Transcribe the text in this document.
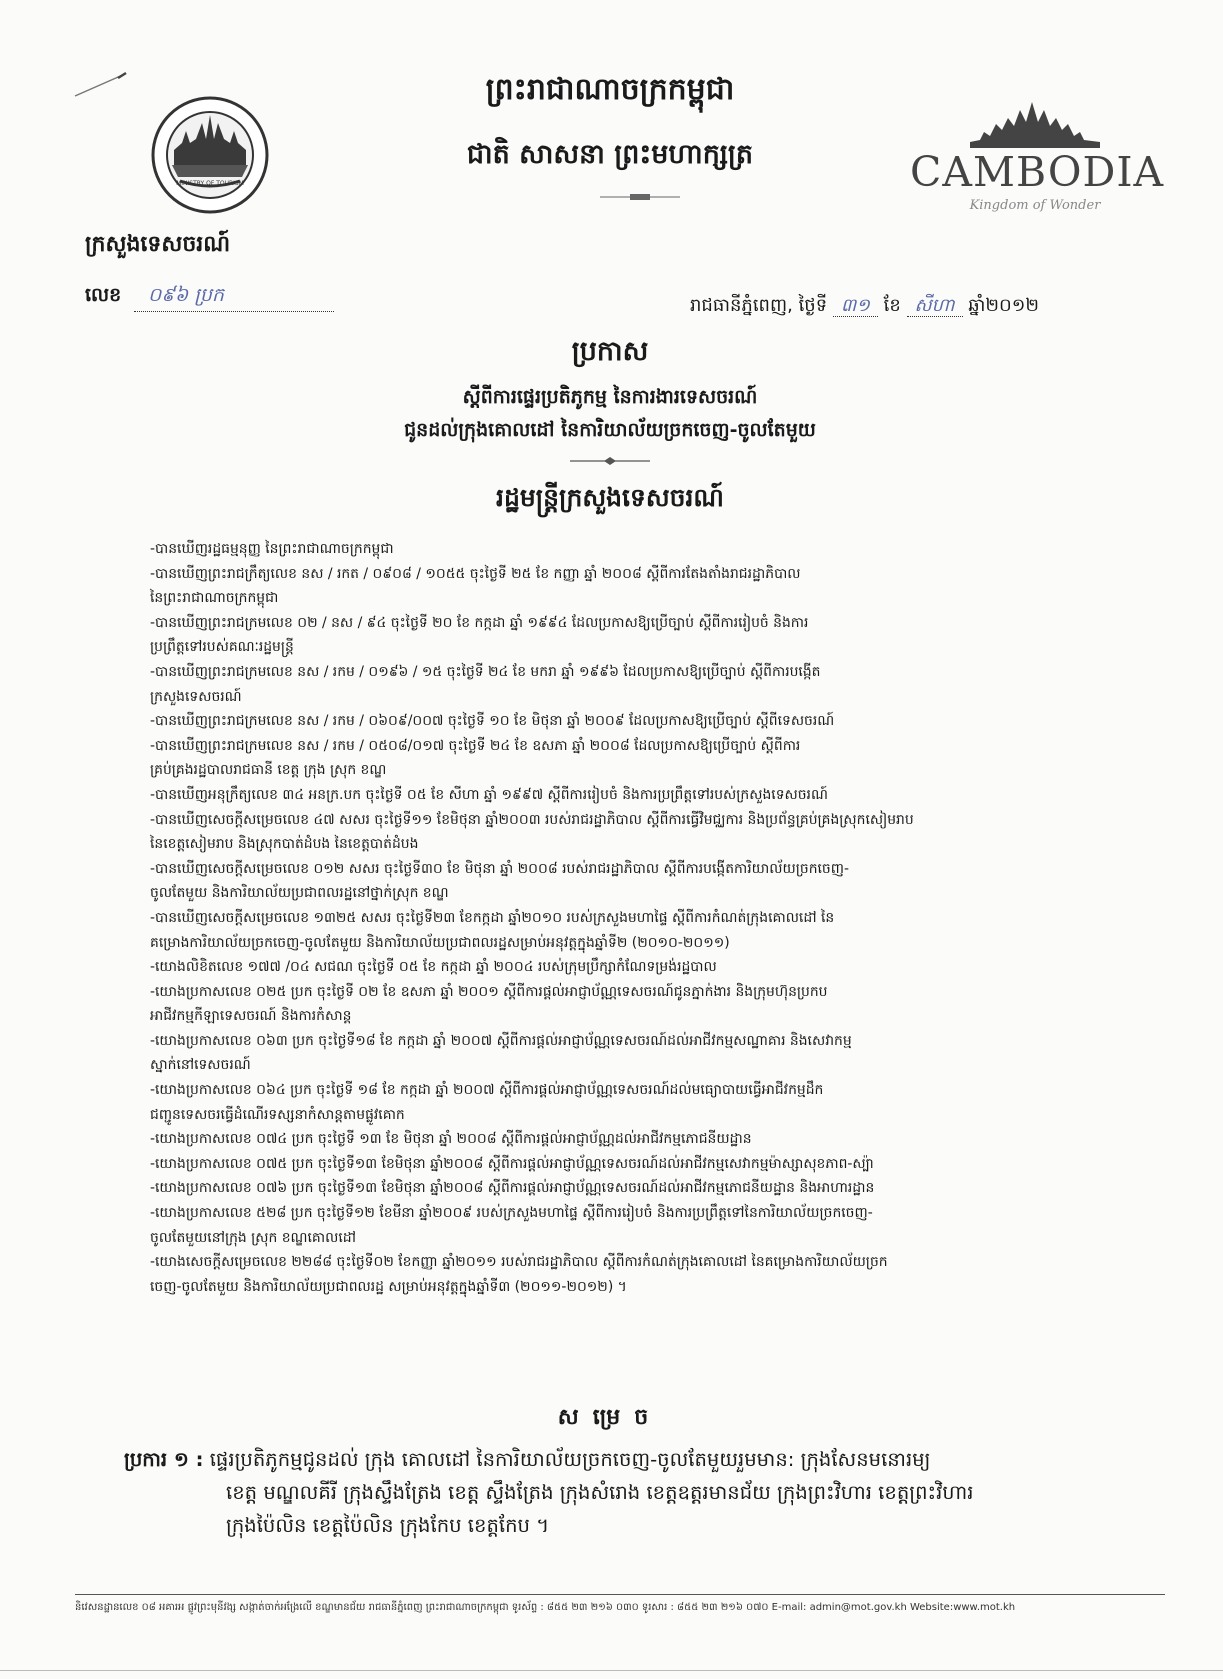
MINISTRY OF TOURISM
ព្រះរាជាណាចក្រកម្ពុជា
ជាតិ សាសនា ព្រះមហាក្សត្រ	CAMBODIA
Kingdom of Wonder
ក្រសួងទេសចរណ៍
លេខ ០៩៦ ប្រក	រាជធានីភ្នំពេញ, ថ្ងៃទី ៣១ ខែ សីហា ឆ្នាំ២០១២
ប្រកាស
ស្តីពីការផ្ទេរប្រតិភូកម្ម នៃការងារទេសចរណ៍
ជូនដល់ក្រុងគោលដៅ នៃការិយាល័យច្រកចេញ-ចូលតែមួយ
រដ្ឋមន្ត្រីក្រសួងទេសចរណ៍
-បានឃើញរដ្ឋធម្មនុញ្ញ នៃព្រះរាជាណាចក្រកម្ពុជា
-បានឃើញព្រះរាជក្រឹត្យលេខ នស / រកត / ០៩០៨ / ១០៥៥ ចុះថ្ងៃទី ២៥ ខែ កញ្ញា ឆ្នាំ ២០០៨ ស្តីពីការតែងតាំងរាជរដ្ឋាភិបាល
នៃព្រះរាជាណាចក្រកម្ពុជា
-បានឃើញព្រះរាជក្រមលេខ ០២ / នស / ៩៤ ចុះថ្ងៃទី ២០ ខែ កក្កដា ឆ្នាំ ១៩៩៤ ដែលប្រកាសឱ្យប្រើច្បាប់ ស្តីពីការរៀបចំ និងការ
ប្រព្រឹត្តទៅរបស់គណៈរដ្ឋមន្ត្រី
-បានឃើញព្រះរាជក្រមលេខ នស / រកម / ០១៩៦ / ១៥ ចុះថ្ងៃទី ២៤ ខែ មករា ឆ្នាំ ១៩៩៦ ដែលប្រកាសឱ្យប្រើច្បាប់ ស្តីពីការបង្កើត
ក្រសួងទេសចរណ៍
-បានឃើញព្រះរាជក្រមលេខ នស / រកម / ០៦០៩/០០៧ ចុះថ្ងៃទី ១០ ខែ មិថុនា ឆ្នាំ ២០០៩ ដែលប្រកាសឱ្យប្រើច្បាប់ ស្តីពីទេសចរណ៍
-បានឃើញព្រះរាជក្រមលេខ នស / រកម / ០៥០៨/០១៧ ចុះថ្ងៃទី ២៤ ខែ ឧសភា ឆ្នាំ ២០០៨ ដែលប្រកាសឱ្យប្រើច្បាប់ ស្តីពីការ
គ្រប់គ្រងរដ្ឋបាលរាជធានី ខេត្ត ក្រុង ស្រុក ខណ្ឌ
-បានឃើញអនុក្រឹត្យលេខ ៣៤ អនក្រ.បក ចុះថ្ងៃទី ០៥ ខែ សីហា ឆ្នាំ ១៩៩៧ ស្តីពីការរៀបចំ និងការប្រព្រឹត្តទៅរបស់ក្រសួងទេសចរណ៍
-បានឃើញសេចក្តីសម្រេចលេខ ៤៧ សសរ ចុះថ្ងៃទី១១ ខែមិថុនា ឆ្នាំ២០០៣ របស់រាជរដ្ឋាភិបាល ស្តីពីការធ្វើវិមជ្ឈការ និងប្រព័ន្ធគ្រប់គ្រងស្រុកសៀមរាប
នៃខេត្តសៀមរាប និងស្រុកបាត់ដំបង នៃខេត្តបាត់ដំបង
-បានឃើញសេចក្តីសម្រេចលេខ ០១២ សសរ ចុះថ្ងៃទី៣០ ខែ មិថុនា ឆ្នាំ ២០០៨ របស់រាជរដ្ឋាភិបាល ស្តីពីការបង្កើតការិយាល័យច្រកចេញ-
ចូលតែមួយ និងការិយាល័យប្រជាពលរដ្ឋនៅថ្នាក់ស្រុក ខណ្ឌ
-បានឃើញសេចក្តីសម្រេចលេខ ១៣២៥ សសរ ចុះថ្ងៃទី២៣ ខែកក្កដា ឆ្នាំ២០១០ របស់ក្រសួងមហាផ្ទៃ ស្តីពីការកំណត់ក្រុងគោលដៅ នៃ
គម្រោងការិយាល័យច្រកចេញ-ចូលតែមួយ និងការិយាល័យប្រជាពលរដ្ឋសម្រាប់អនុវត្តក្នុងឆ្នាំទី២ (២០១០-២០១១)
-យោងលិខិតលេខ ១៧៧ /០៤ សជណ ចុះថ្ងៃទី ០៥ ខែ កក្កដា ឆ្នាំ ២០០៤ របស់ក្រុមប្រឹក្សាកំណែទម្រង់រដ្ឋបាល
-យោងប្រកាសលេខ ០២៥ ប្រក ចុះថ្ងៃទី ០២ ខែ ឧសភា ឆ្នាំ ២០០១ ស្តីពីការផ្តល់អាជ្ញាប័ណ្ណទេសចរណ៍ជូនភ្នាក់ងារ និងក្រុមហ៊ុនប្រកប
អាជីវកម្មកីឡាទេសចរណ៍ និងការកំសាន្ត
-យោងប្រកាសលេខ ០៦៣ ប្រក ចុះថ្ងៃទី១៨ ខែ កក្កដា ឆ្នាំ ២០០៧ ស្តីពីការផ្តល់អាជ្ញាប័ណ្ណទេសចរណ៍ដល់អាជីវកម្មសណ្ឋាគារ និងសេវាកម្ម
ស្នាក់នៅទេសចរណ៍
-យោងប្រកាសលេខ ០៦៤ ប្រក ចុះថ្ងៃទី ១៨ ខែ កក្កដា ឆ្នាំ ២០០៧ ស្តីពីការផ្តល់អាជ្ញាប័ណ្ណទេសចរណ៍ដល់មធ្យោបាយធ្វើអាជីវកម្មដឹក
ជញ្ជូនទេសចរធ្វើដំណើរទស្សនាកំសាន្តតាមផ្លូវគោក
-យោងប្រកាសលេខ ០៧៤ ប្រក ចុះថ្ងៃទី ១៣ ខែ មិថុនា ឆ្នាំ ២០០៨ ស្តីពីការផ្តល់អាជ្ញាប័ណ្ណដល់អាជីវកម្មភោជនីយដ្ឋាន
-យោងប្រកាសលេខ ០៧៥ ប្រក ចុះថ្ងៃទី១៣ ខែមិថុនា ឆ្នាំ២០០៨ ស្តីពីការផ្តល់អាជ្ញាប័ណ្ណទេសចរណ៍ដល់អាជីវកម្មសេវាកម្មម៉ាស្សាសុខភាព-ស្ប៉ា
-យោងប្រកាសលេខ ០៧៦ ប្រក ចុះថ្ងៃទី១៣ ខែមិថុនា ឆ្នាំ២០០៨ ស្តីពីការផ្តល់អាជ្ញាប័ណ្ណទេសចរណ៍ដល់អាជីវកម្មភោជនីយដ្ឋាន និងអាហារដ្ឋាន
-យោងប្រកាសលេខ ៥២៨ ប្រក ចុះថ្ងៃទី១២ ខែមីនា ឆ្នាំ២០០៩ របស់ក្រសួងមហាផ្ទៃ ស្តីពីការរៀបចំ និងការប្រព្រឹត្តទៅនៃការិយាល័យច្រកចេញ-
ចូលតែមួយនៅក្រុង ស្រុក ខណ្ឌគោលដៅ
-យោងសេចក្តីសម្រេចលេខ ២២៨៨ ចុះថ្ងៃទី០២ ខែកញ្ញា ឆ្នាំ២០១១ របស់រាជរដ្ឋាភិបាល ស្តីពីការកំណត់ក្រុងគោលដៅ នៃគម្រោងការិយាល័យច្រក
ចេញ-ចូលតែមួយ និងការិយាល័យប្រជាពលរដ្ឋ សម្រាប់អនុវត្តក្នុងឆ្នាំទី៣ (២០១១-២០១២) ។
សម្រេច
ប្រការ ១ : ផ្ទេរប្រតិភូកម្មជូនដល់ ក្រុង គោលដៅ នៃការិយាល័យច្រកចេញ-ចូលតែមួយរួមមាន: ក្រុងសែនមនោរម្យ
ខេត្ត មណ្ឌលគីរី ក្រុងស្ទឹងត្រែង ខេត្ត ស្ទឹងត្រែង ក្រុងសំរោង ខេត្តឧត្តរមានជ័យ ក្រុងព្រះវិហារ ខេត្តព្រះវិហារ
ក្រុងប៉ៃលិន ខេត្តប៉ៃលិន ក្រុងកែប ខេត្តកែប ។
និវេសនដ្ឋានលេខ ០៨ អគារអ ផ្លូវព្រះមុនីវង្ស សង្កាត់ចាក់អង្រែលើ ខណ្ឌមានជ័យ រាជធានីភ្នំពេញ ព្រះរាជាណាចក្រកម្ពុជា ទូរស័ព្ទ : ៨៥៥ ២៣ ២១៦ ០៣០ ទូរសារ : ៨៥៥ ២៣ ២១៦ ០៧០ E-mail: admin@mot.gov.kh Website:www.mot.kh
